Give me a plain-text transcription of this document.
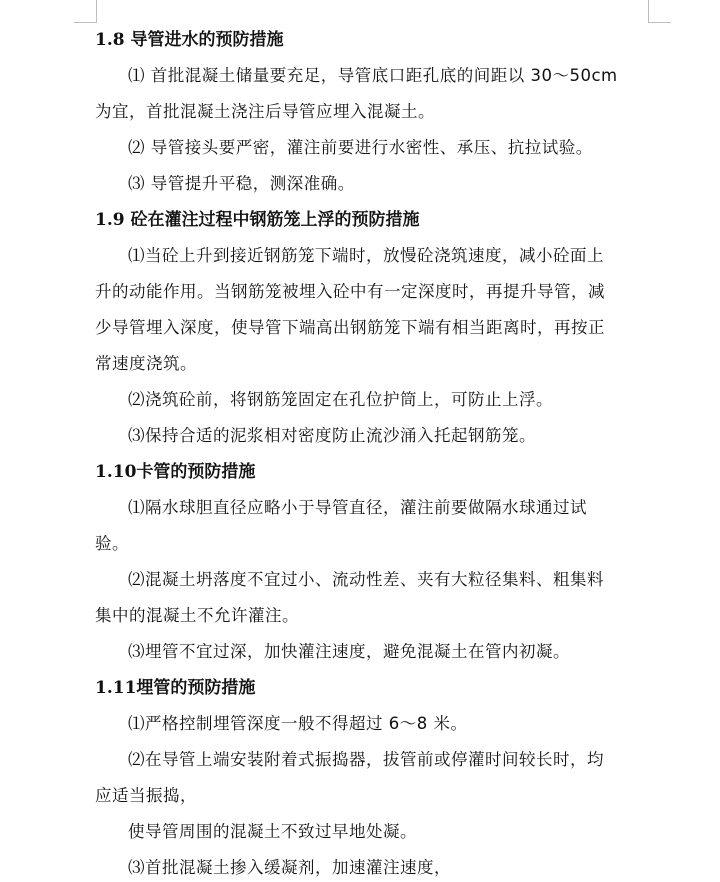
1.8 导管进水的预防措施

⑴ 首批混凝土储量要充足，导管底口距孔底的间距以 30～50cm
为宜，首批混凝土浇注后导管应埋入混凝土。

⑵ 导管接头要严密，灌注前要进行水密性、承压、抗拉试验。

⑶ 导管提升平稳，测深准确。

1.9 砼在灌注过程中钢筋笼上浮的预防措施

⑴当砼上升到接近钢筋笼下端时，放慢砼浇筑速度，减小砼面上
升的动能作用。当钢筋笼被埋入砼中有一定深度时，再提升导管，减
少导管埋入深度，使导管下端高出钢筋笼下端有相当距离时，再按正
常速度浇筑。

⑵浇筑砼前，将钢筋笼固定在孔位护筒上，可防止上浮。

⑶保持合适的泥浆相对密度防止流沙涌入托起钢筋笼。

1.10卡管的预防措施

⑴隔水球胆直径应略小于导管直径，灌注前要做隔水球通过试
验。

⑵混凝土坍落度不宜过小、流动性差、夹有大粒径集料、粗集料
集中的混凝土不允许灌注。

⑶埋管不宜过深，加快灌注速度，避免混凝土在管内初凝。

1.11埋管的预防措施

⑴严格控制埋管深度一般不得超过 6～8 米。

⑵在导管上端安装附着式振捣器，拔管前或停灌时间较长时，均
应适当振捣，

使导管周围的混凝土不致过早地处凝。

⑶首批混凝土掺入缓凝剂，加速灌注速度，
